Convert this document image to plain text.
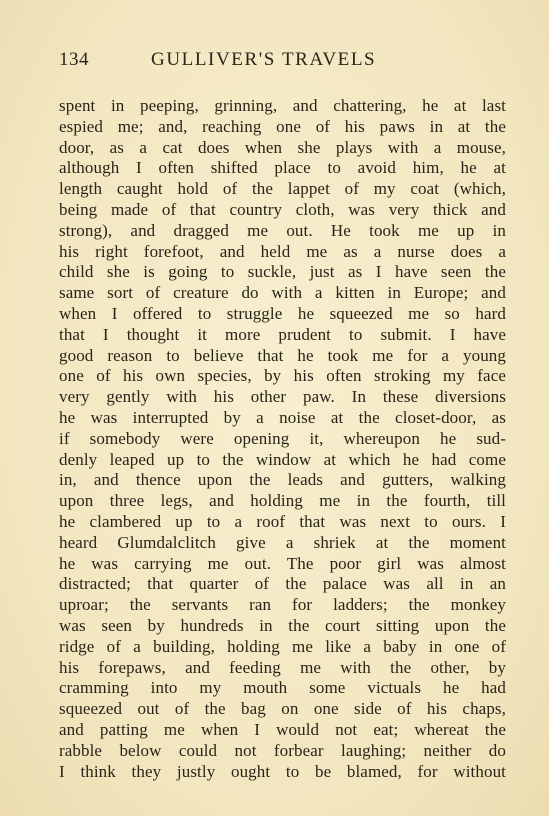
134	GULLIVER'S TRAVELS
spent in peeping, grinning, and chattering, he at last
espied me; and, reaching one of his paws in at the
door, as a cat does when she plays with a mouse,
although I often shifted place to avoid him, he at
length caught hold of the lappet of my coat (which,
being made of that country cloth, was very thick and
strong), and dragged me out. He took me up in
his right forefoot, and held me as a nurse does a
child she is going to suckle, just as I have seen the
same sort of creature do with a kitten in Europe; and
when I offered to struggle he squeezed me so hard
that I thought it more prudent to submit. I have
good reason to believe that he took me for a young
one of his own species, by his often stroking my face
very gently with his other paw. In these diversions
he was interrupted by a noise at the closet-door, as
if somebody were opening it, whereupon he sud-
denly leaped up to the window at which he had come
in, and thence upon the leads and gutters, walking
upon three legs, and holding me in the fourth, till
he clambered up to a roof that was next to ours. I
heard Glumdalclitch give a shriek at the moment
he was carrying me out. The poor girl was almost
distracted; that quarter of the palace was all in an
uproar; the servants ran for ladders; the monkey
was seen by hundreds in the court sitting upon the
ridge of a building, holding me like a baby in one of
his forepaws, and feeding me with the other, by
cramming into my mouth some victuals he had
squeezed out of the bag on one side of his chaps,
and patting me when I would not eat; whereat the
rabble below could not forbear laughing; neither do
I think they justly ought to be blamed, for without
